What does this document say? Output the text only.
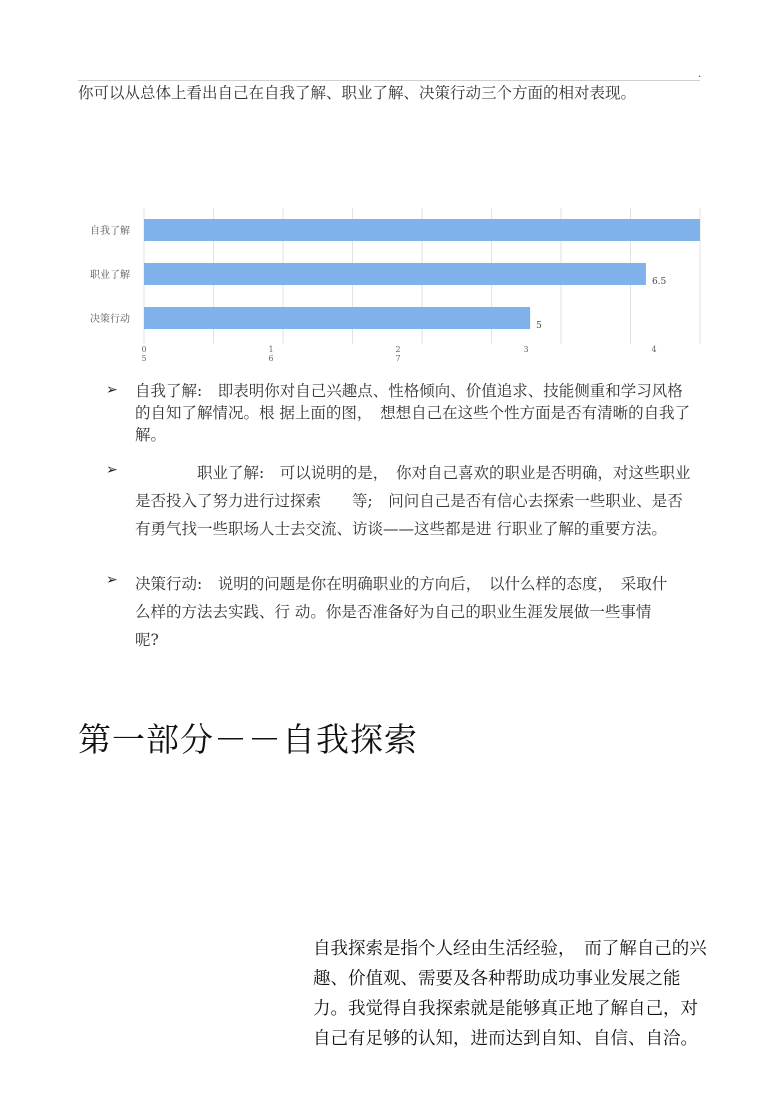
·
你可以从总体上看出自己在自我了解、职业了解、决策行动三个方面的相对表现。
自我了解
职业了解
6.5
决策行动
5
0	1	2	3	4
5	6	7
➢ 自我了解:　即表明你对自己兴趣点、性格倾向、价值追求、技能侧重和学习风格的自知了解情况。根 据上面的图，　想想自己在这些个性方面是否有清晰的自我了解。
➢ 　　　　职业了解:　可以说明的是，　你对自己喜欢的职业是否明确，对这些职业 是否投入了努力进行过探索　　等;　问问自己是否有信心去探索一些职业、是否有勇气找一些职场人士去交流、访谈——这些都是进 行职业了解的重要方法。
➢ 决策行动:　说明的问题是你在明确职业的方向后，　以什么样的态度，　采取什么样的方法去实践、行 动。你是否准备好为自己的职业生涯发展做一些事情呢?
第一部分－－自我探索
自我探索是指个人经由生活经验，　而了解自己的兴趣、价值观、需要及各种帮助成功事业发展之能力。我觉得自我探索就是能够真正地了解自己，对自己有足够的认知，进而达到自知、自信、自洽。
